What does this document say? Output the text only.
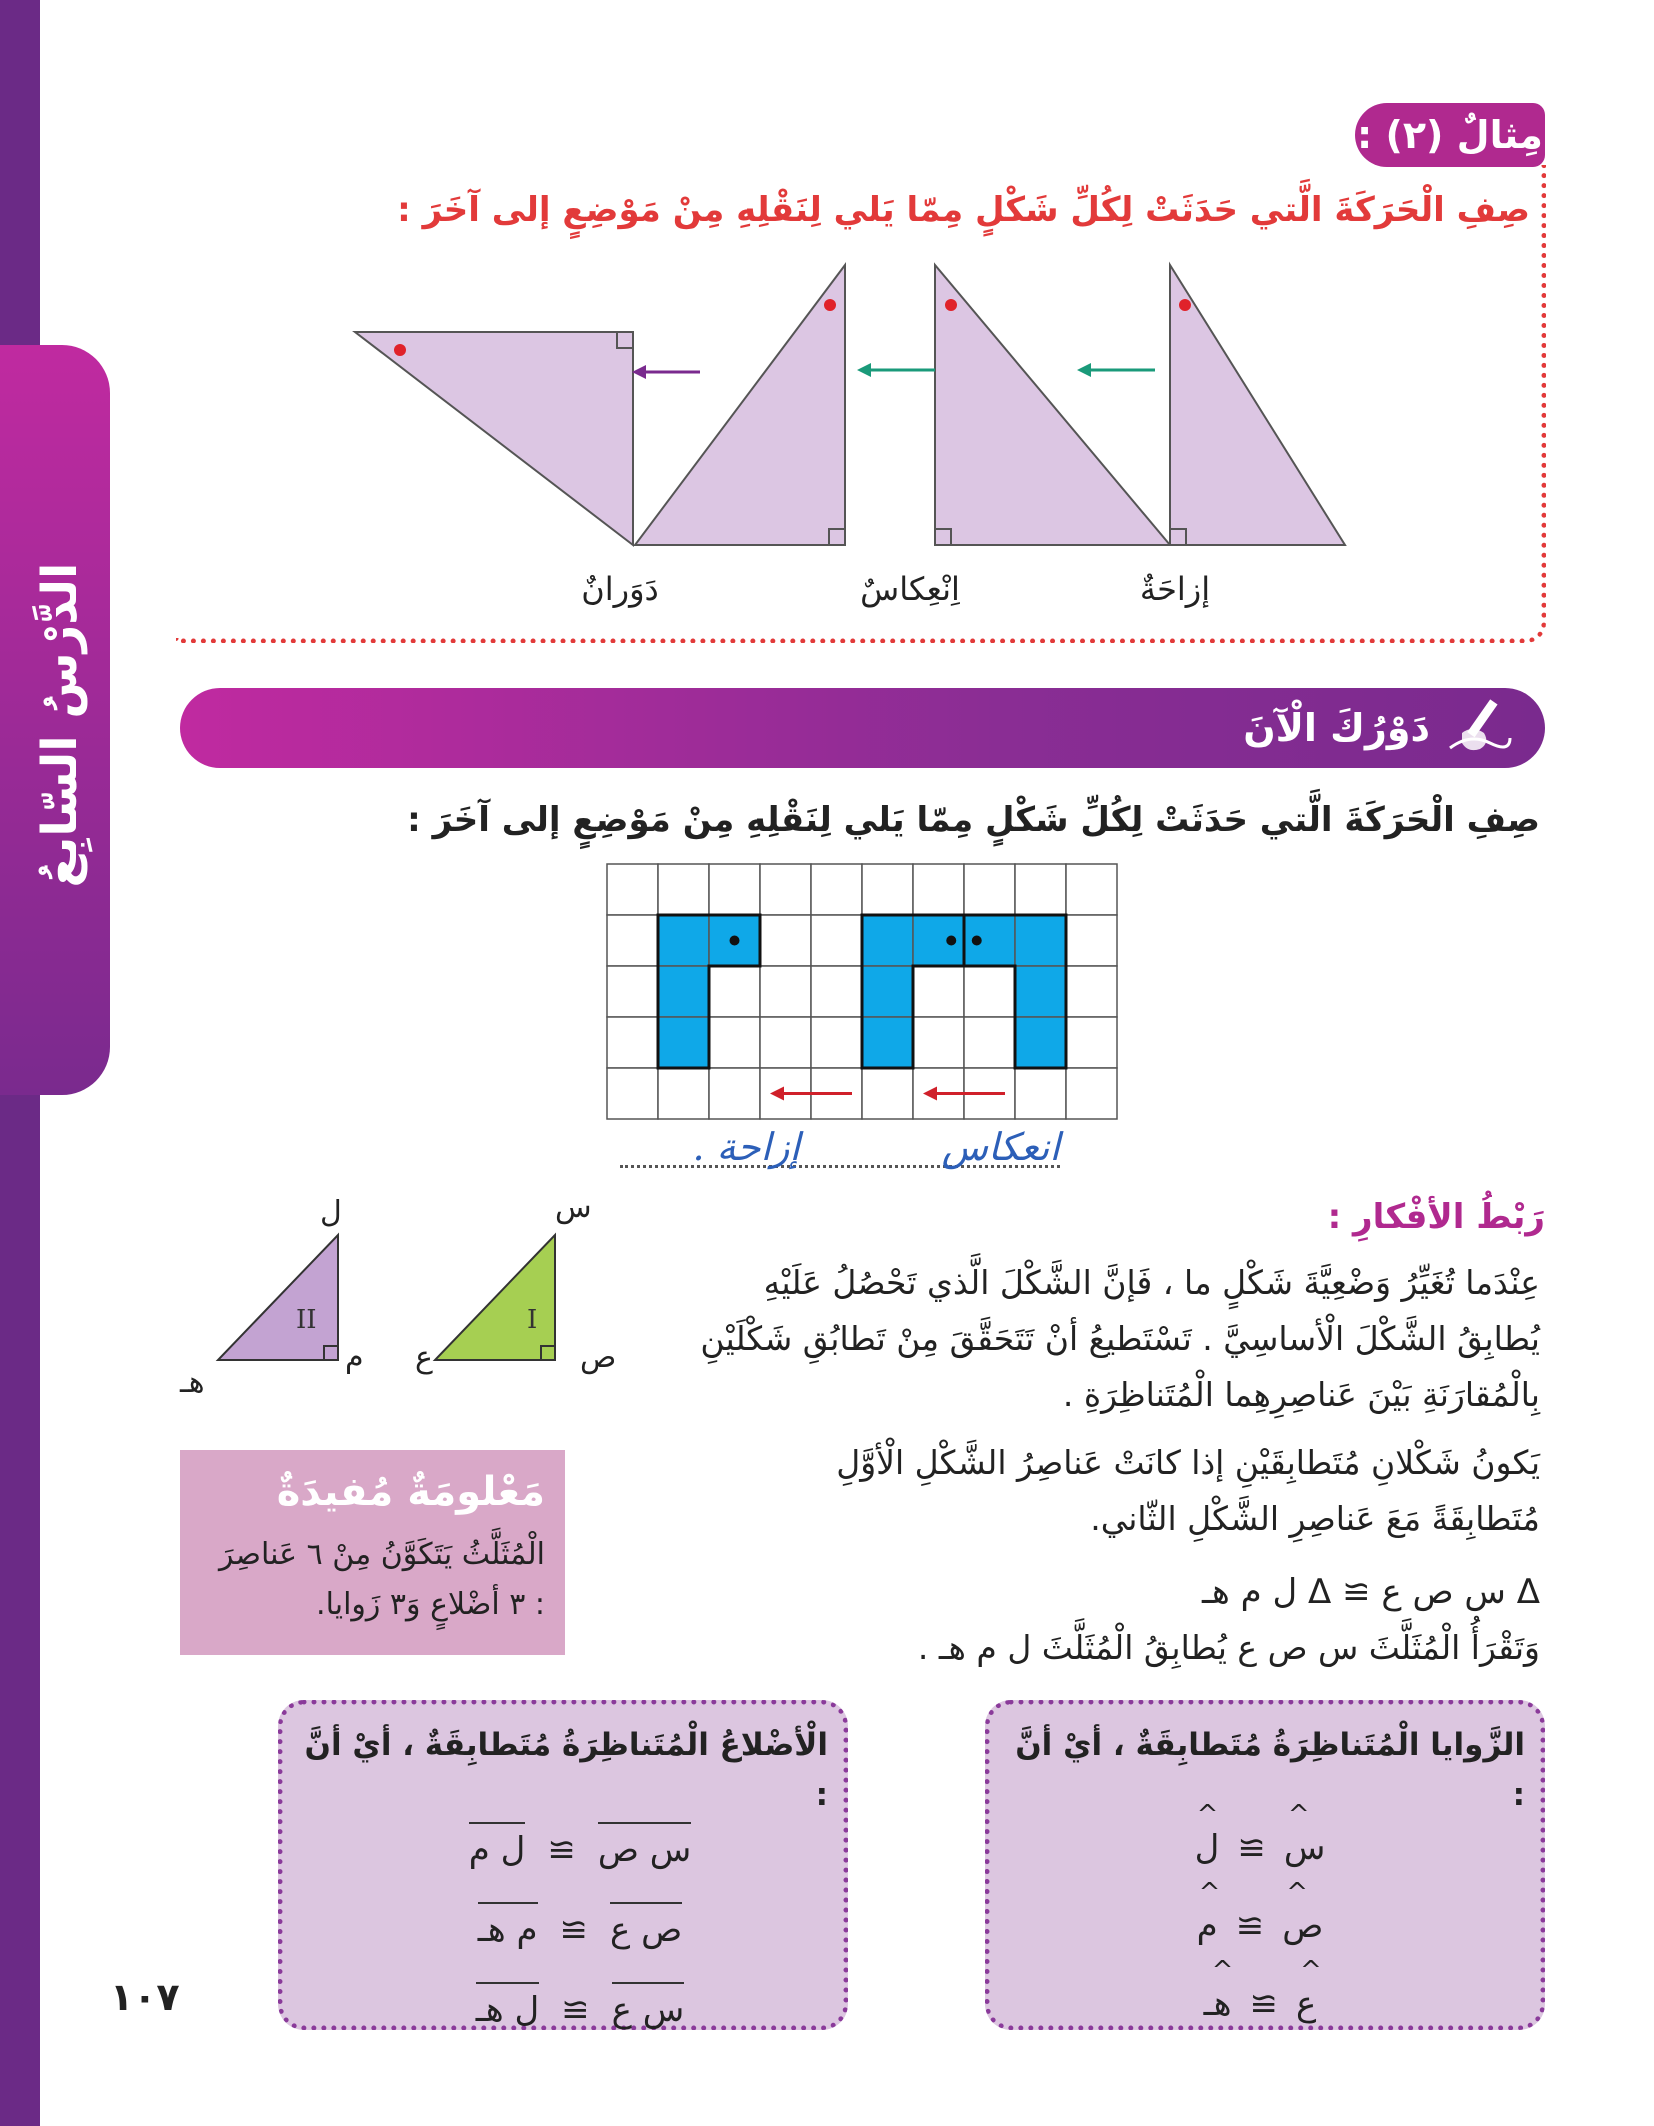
الدَّرْسُ السّابِعُ
مِثالٌ (٢) :
صِفِ الْحَرَكَةَ الَّتي حَدَثَتْ لِكُلِّ شَكْلٍ مِمّا يَلي لِنَقْلِهِ مِنْ مَوْضِعٍ إلى آخَرَ :
إزاحَةٌ
اِنْعِكاسٌ
دَوَرانٌ
دَوْرُكَ الْآنَ
صِفِ الْحَرَكَةَ الَّتي حَدَثَتْ لِكُلِّ شَكْلٍ مِمّا يَلي لِنَقْلِهِ مِنْ مَوْضِعٍ إلى آخَرَ :
انعكاس
إزاحة .
رَبْطُ الأفْكارِ :
عِنْدَما تُغَيِّرُ وَضْعِيَّةَ شَكْلٍ ما ، فَإنَّ الشَّكْلَ الَّذي تَحْصُلُ عَلَيْهِ يُطابِقُ الشَّكْلَ الْأساسِيَّ . تَسْتَطيعُ أنْ تَتَحَقَّقَ مِنْ تَطابُقِ شَكْلَيْنِ بِالْمُقارَنَةِ بَيْنَ عَناصِرِهِما الْمُتَناظِرَةِ .
يَكونُ شَكْلانِ مُتَطابِقَيْنِ إذا كانَتْ عَناصِرُ الشَّكْلِ الْأوَّلِ مُتَطابِقَةً مَعَ عَناصِرِ الشَّكْلِ الثّاني.
Δ س ص ع ≅ Δ ل م هـ
وَتَقْرَأُ الْمُثَلَّثَ س ص ع يُطابِقُ الْمُثَلَّثَ ل م هـ .
II	I
ل
م
هـ
س
ص
ع
مَعْلومَةٌ مُفيدَةٌ
الْمُثَلَّثُ يَتَكَوَّنُ مِنْ ٦ عَناصِرَ : ٣ أضْلاعٍ وَ٣ زَوايا.
الزَّوايا الْمُتَناظِرَةُ مُتَطابِقَةٌ ، أيْ أنَّ :
^
س
≅
^
ل
^
ص
≅
^
م
^
ع
≅
^
هـ
الْأضْلاعُ الْمُتَناظِرَةُ مُتَطابِقَةٌ ، أيْ أنَّ :
س ص
≅
ل م
ص ع
≅
م هـ
س ع
≅
ل هـ
١٠٧
